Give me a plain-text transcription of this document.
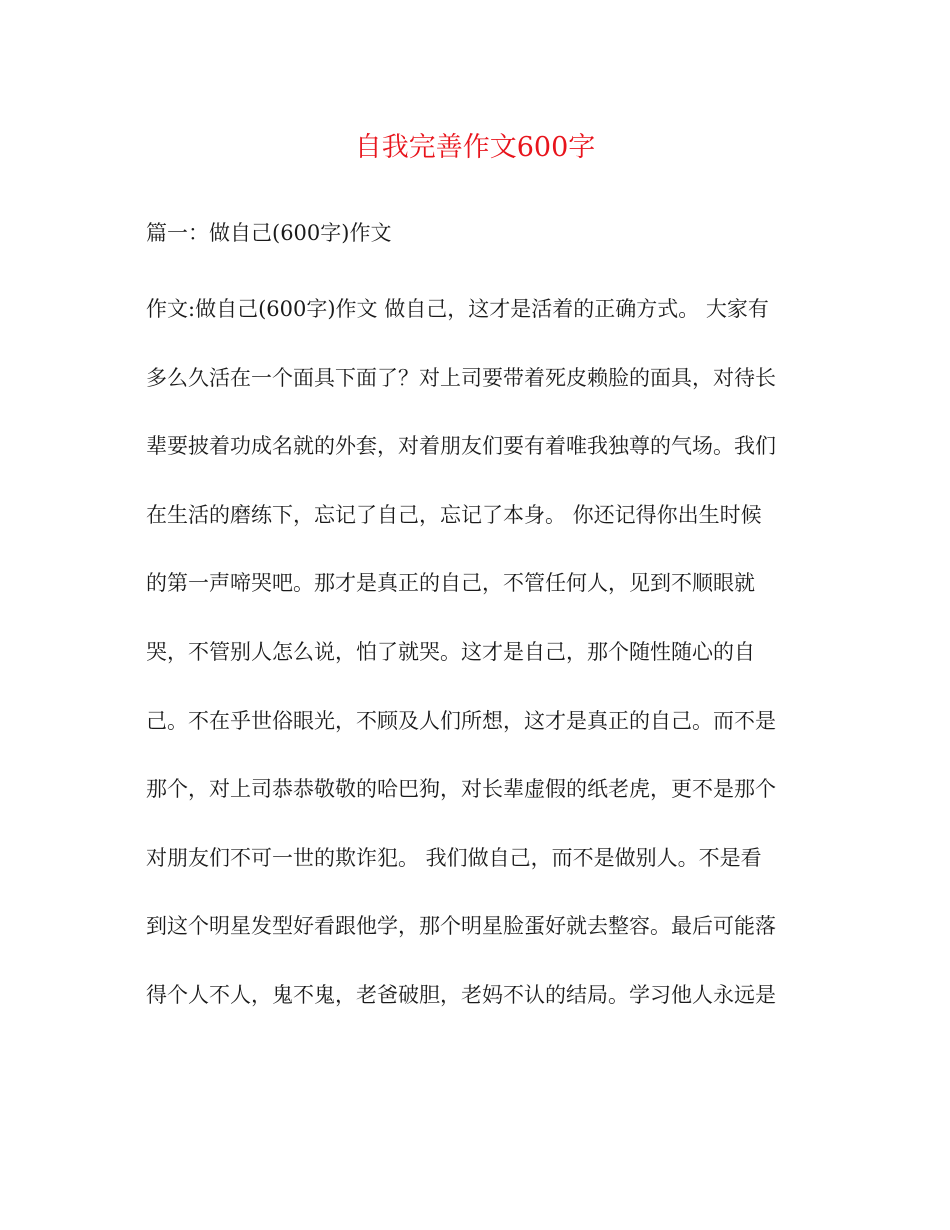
自我完善作文600字
篇一：做自己(600字)作文
作文:做自己(600字)作文 做自己，这才是活着的正确方式。 大家有
多么久活在一个面具下面了？对上司要带着死皮赖脸的面具，对待长
辈要披着功成名就的外套，对着朋友们要有着唯我独尊的气场。我们
在生活的磨练下，忘记了自己，忘记了本身。 你还记得你出生时候
的第一声啼哭吧。那才是真正的自己，不管任何人，见到不顺眼就
哭，不管别人怎么说，怕了就哭。这才是自己，那个随性随心的自
己。不在乎世俗眼光，不顾及人们所想，这才是真正的自己。而不是
那个，对上司恭恭敬敬的哈巴狗，对长辈虚假的纸老虎，更不是那个
对朋友们不可一世的欺诈犯。 我们做自己，而不是做别人。不是看
到这个明星发型好看跟他学，那个明星脸蛋好就去整容。最后可能落
得个人不人，鬼不鬼，老爸破胆，老妈不认的结局。学习他人永远是
